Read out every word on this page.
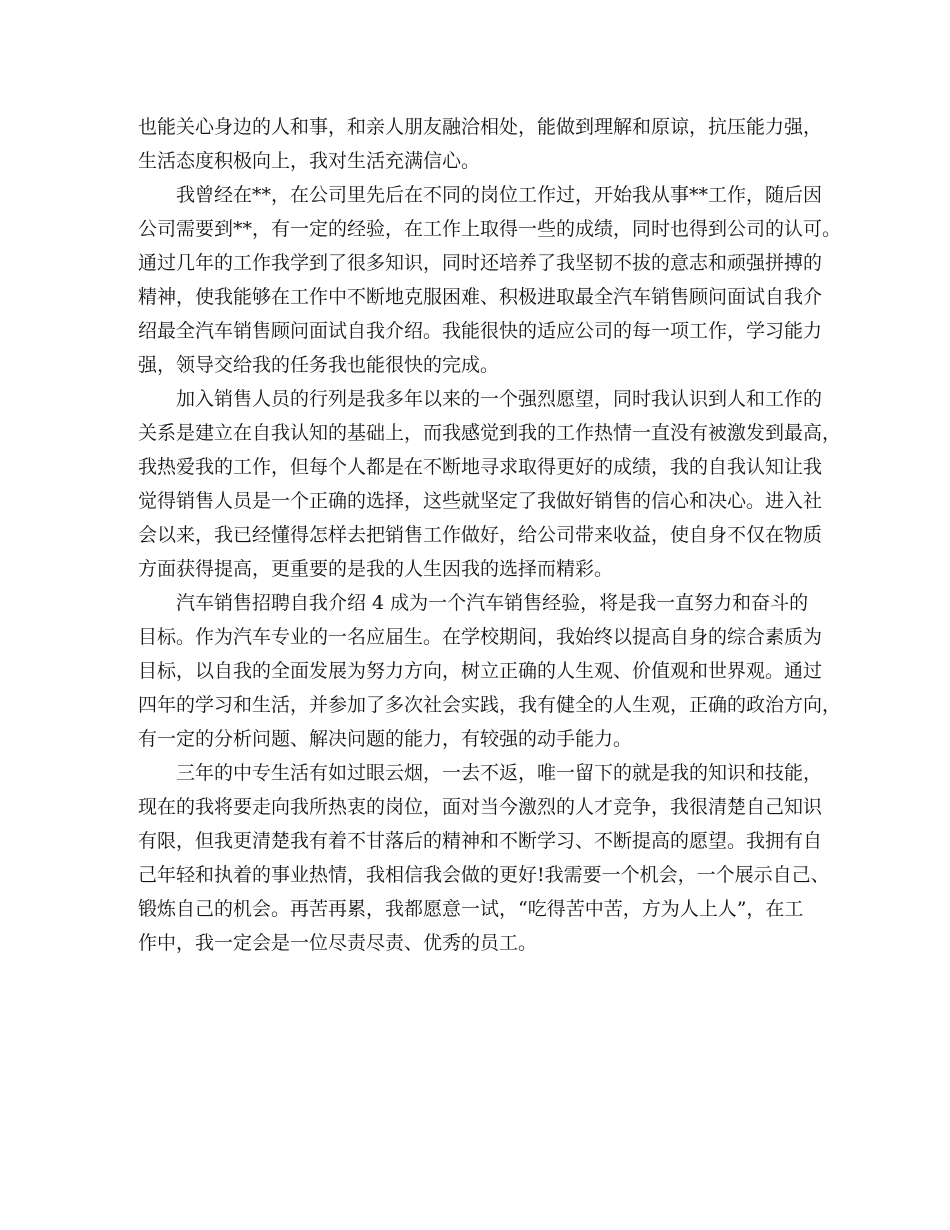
也能关心身边的人和事，和亲人朋友融洽相处，能做到理解和原谅，抗压能力强，
生活态度积极向上，我对生活充满信心。
我曾经在**，在公司里先后在不同的岗位工作过，开始我从事**工作，随后因
公司需要到**，有一定的经验，在工作上取得一些的成绩，同时也得到公司的认可。
通过几年的工作我学到了很多知识，同时还培养了我坚韧不拔的意志和顽强拼搏的
精神，使我能够在工作中不断地克服困难、积极进取最全汽车销售顾问面试自我介
绍最全汽车销售顾问面试自我介绍。我能很快的适应公司的每一项工作，学习能力
强，领导交给我的任务我也能很快的完成。
加入销售人员的行列是我多年以来的一个强烈愿望，同时我认识到人和工作的
关系是建立在自我认知的基础上，而我感觉到我的工作热情一直没有被激发到最高，
我热爱我的工作，但每个人都是在不断地寻求取得更好的成绩，我的自我认知让我
觉得销售人员是一个正确的选择，这些就坚定了我做好销售的信心和决心。进入社
会以来，我已经懂得怎样去把销售工作做好，给公司带来收益，使自身不仅在物质
方面获得提高，更重要的是我的人生因我的选择而精彩。
汽车销售招聘自我介绍 4 成为一个汽车销售经验，将是我一直努力和奋斗的
目标。作为汽车专业的一名应届生。在学校期间，我始终以提高自身的综合素质为
目标，以自我的全面发展为努力方向，树立正确的人生观、价值观和世界观。通过
四年的学习和生活，并参加了多次社会实践，我有健全的人生观，正确的政治方向，
有一定的分析问题、解决问题的能力，有较强的动手能力。
三年的中专生活有如过眼云烟，一去不返，唯一留下的就是我的知识和技能，
现在的我将要走向我所热衷的岗位，面对当今激烈的人才竞争，我很清楚自己知识
有限，但我更清楚我有着不甘落后的精神和不断学习、不断提高的愿望。我拥有自
己年轻和执着的事业热情，我相信我会做的更好!我需要一个机会，一个展示自己、
锻炼自己的机会。再苦再累，我都愿意一试，“吃得苦中苦，方为人上人”，在工
作中，我一定会是一位尽责尽责、优秀的员工。
